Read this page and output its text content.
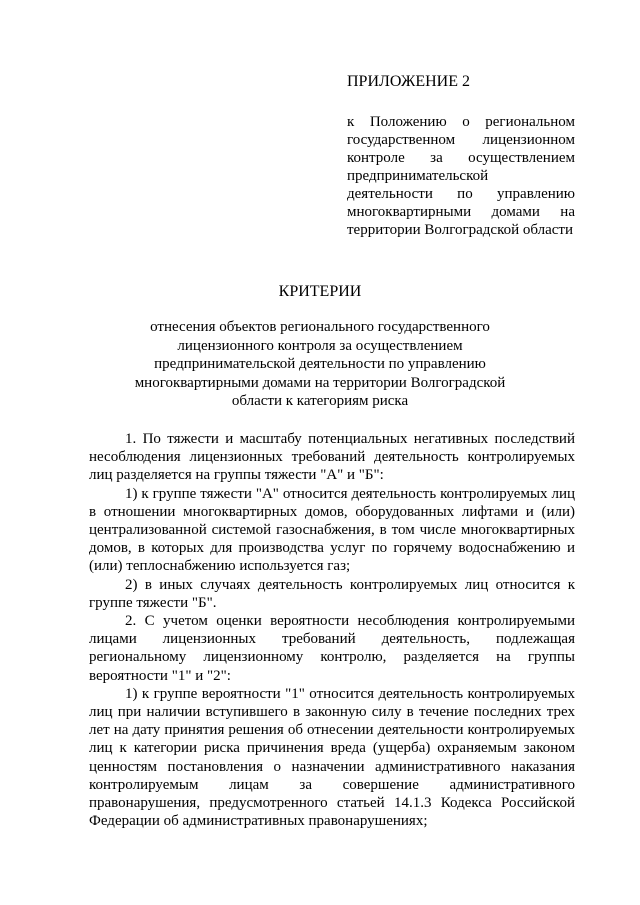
ПРИЛОЖЕНИЕ 2

к Положению о региональном государственном лицензионном контроле за осуществлением предпринимательской деятельности по управлению многоквартирными домами на территории Волгоградской области

КРИТЕРИИ
отнесения объектов регионального государственного лицензионного контроля за осуществлением предпринимательской деятельности по управлению многоквартирными домами на территории Волгоградской области к категориям риска

1. По тяжести и масштабу потенциальных негативных последствий несоблюдения лицензионных требований деятельность контролируемых лиц разделяется на группы тяжести "А" и "Б":

1) к группе тяжести "А" относится деятельность контролируемых лиц в отношении многоквартирных домов, оборудованных лифтами и (или) централизованной системой газоснабжения, в том числе многоквартирных домов, в которых для производства услуг по горячему водоснабжению и (или) теплоснабжению используется газ;

2) в иных случаях деятельность контролируемых лиц относится к группе тяжести "Б".

2. С учетом оценки вероятности несоблюдения контролируемыми лицами лицензионных требований деятельность, подлежащая региональному лицензионному контролю, разделяется на группы вероятности "1" и "2":

1) к группе вероятности "1" относится деятельность контролируемых лиц при наличии вступившего в законную силу в течение последних трех лет на дату принятия решения об отнесении деятельности контролируемых лиц к категории риска причинения вреда (ущерба) охраняемым законом ценностям постановления о назначении административного наказания контролируемым лицам за совершение административного правонарушения, предусмотренного статьей 14.1.3 Кодекса Российской Федерации об административных правонарушениях;
